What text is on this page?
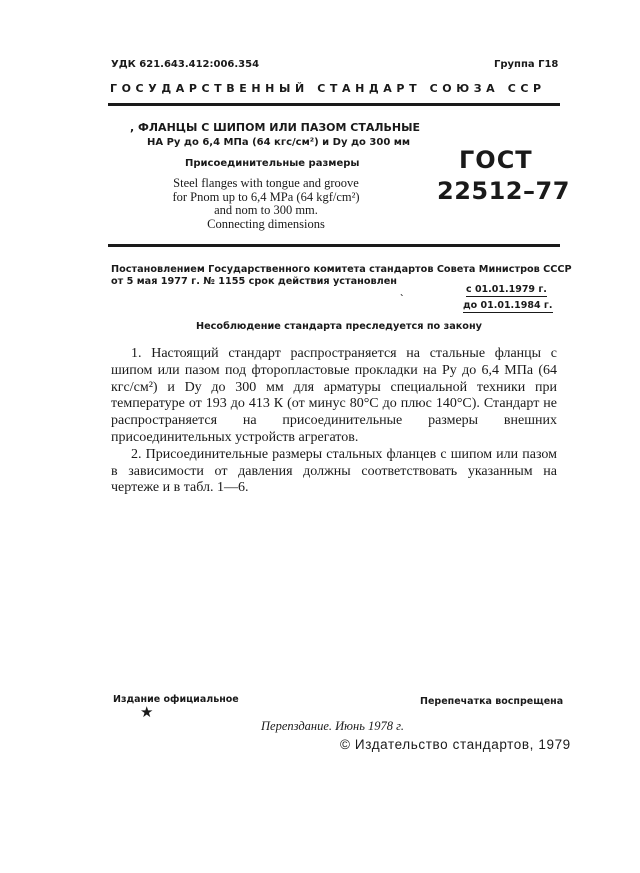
УДК 621.643.412:006.354	Группа Г18
ГОСУДАРСТВЕННЫЙ СТАНДАРТ СОЮЗА ССР
, ФЛАНЦЫ С ШИПОМ ИЛИ ПАЗОМ СТАЛЬНЫЕ
НА Pу до 6,4 МПа (64 кгс/см²) и Dу до 300 мм
Присоединительные размеры
Steel flanges with tongue and groove
for Pnom up to 6,4 MPa (64 kgf/cm²)
and nom to 300 mm.
Connecting dimensions
ГОСТ
22512–77
Постановлением Государственного комитета стандартов Совета Министров СССР
от 5 мая 1977 г. № 1155 срок действия установлен
ˎ	с 01.01.1979 г.
до 01.01.1984 г.
Несоблюдение стандарта преследуется по закону

1. Настоящий стандарт распространяется на стальные фланцы с шипом или пазом под фторопластовые прокладки на Pу до 6,4 МПа (64 кгс/см²) и Dу до 300 мм для арматуры специальной техники при температуре от 193 до 413 К (от минус 80°С до плюс 140°С). Стандарт не распространяется на присоединительные размеры внешних присоединительных устройств агрегатов.

2. Присоединительные размеры стальных фланцев с шипом или пазом в зависимости от давления должны соответствовать указанным на чертеже и в табл. 1—6.

Издание официальное	Перепечатка воспрещена
★
Перепздание. Июнь 1978 г.
© Издательство стандартов, 1979
